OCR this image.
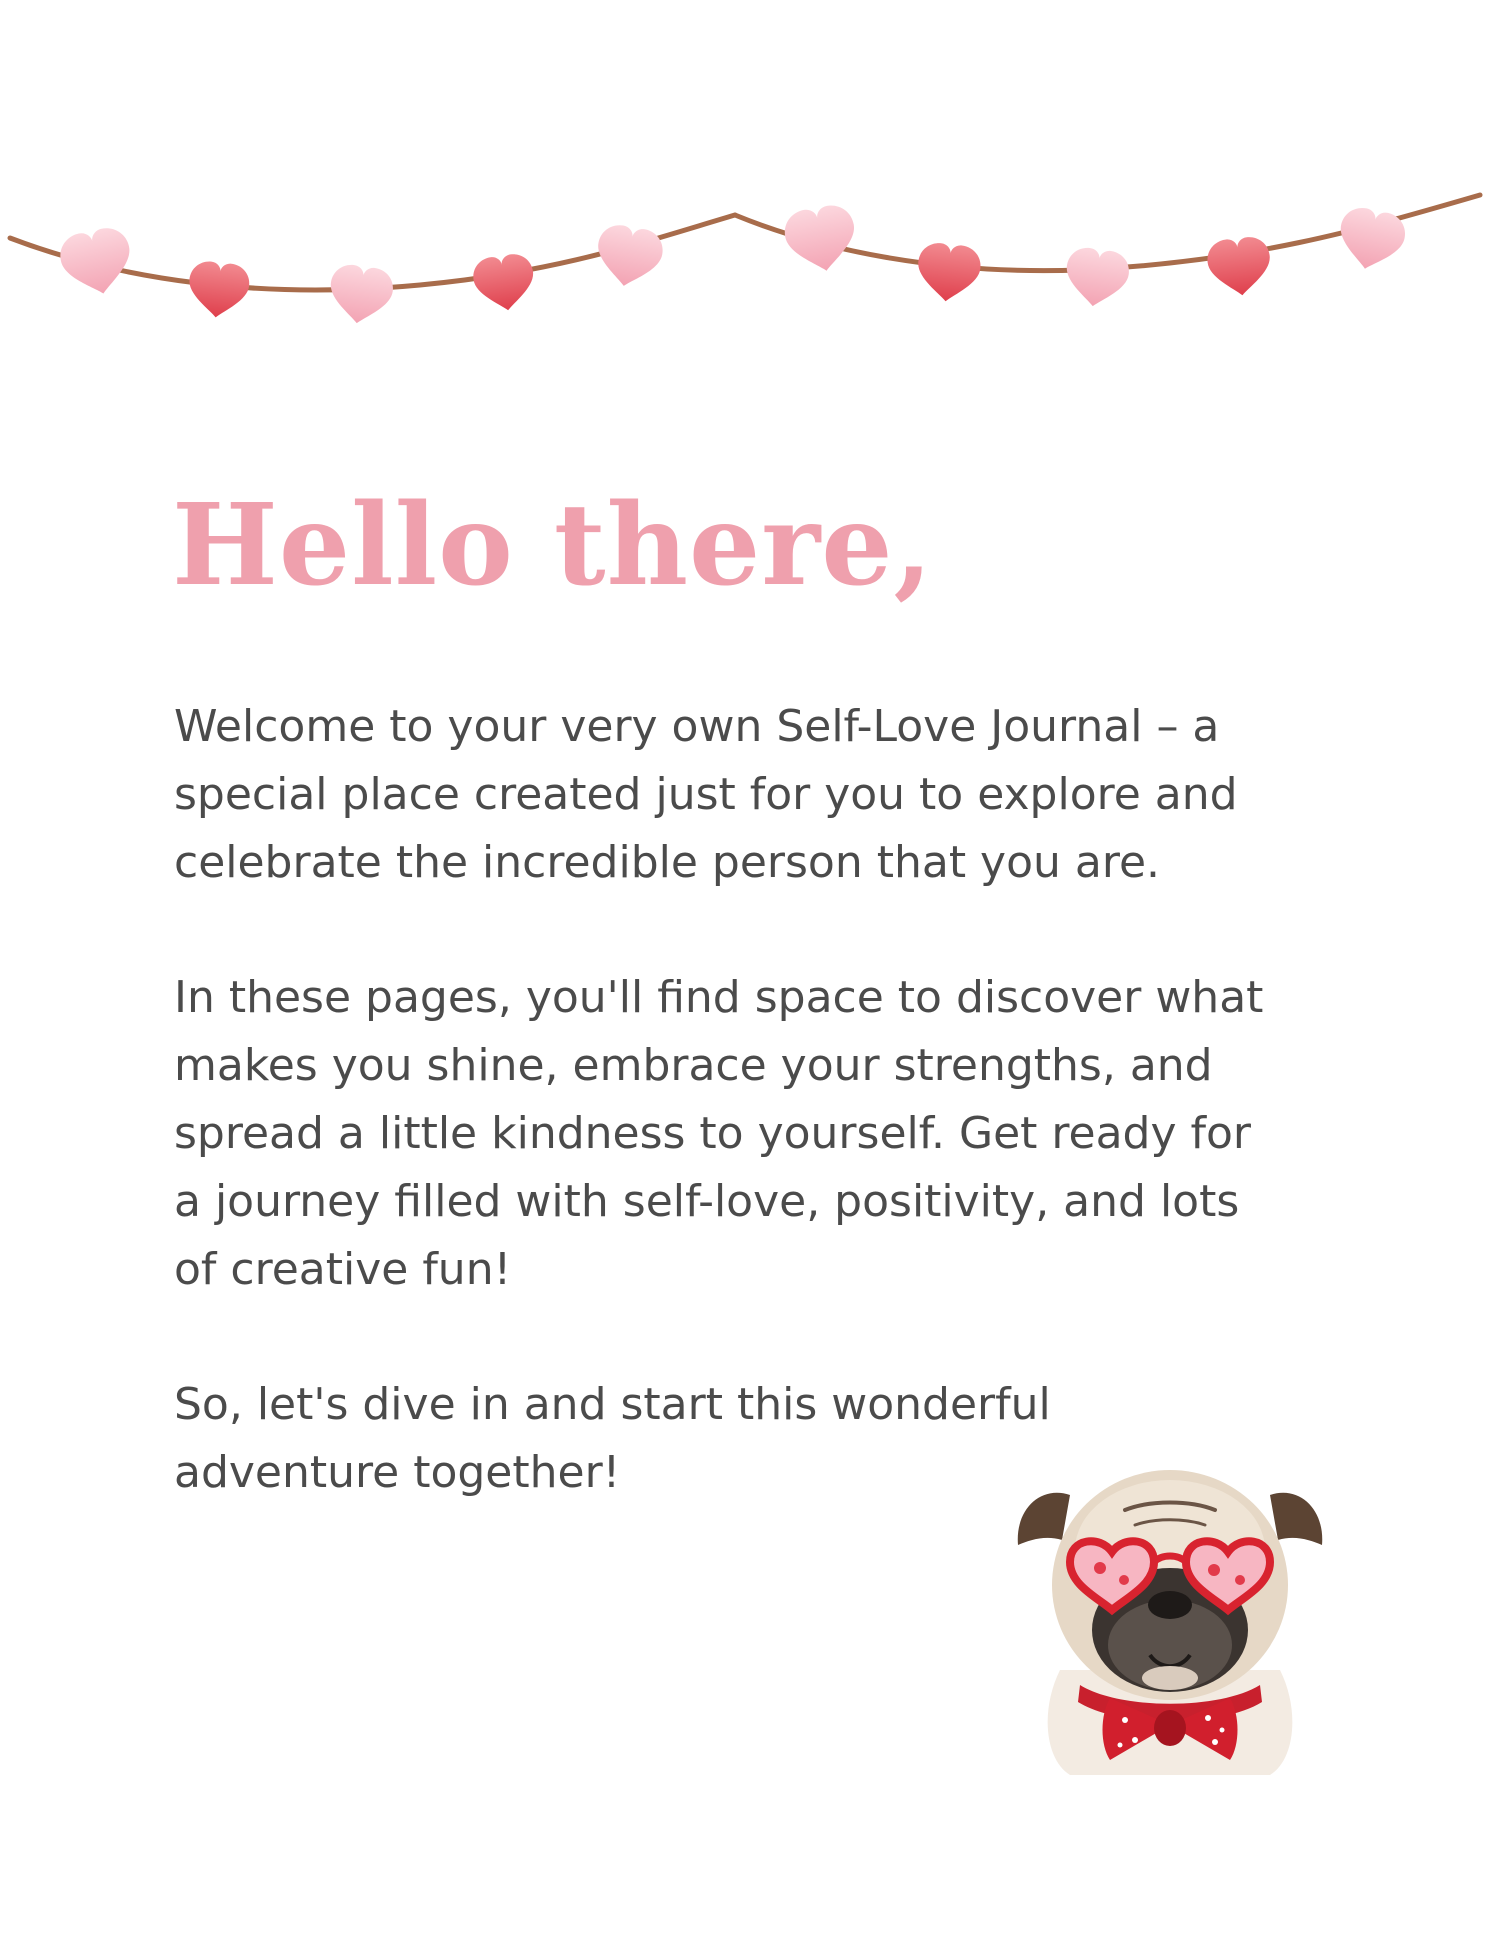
Hello there,
Welcome to your very own Self-Love Journal – a
special place created just for you to explore and
celebrate the incredible person that you are.
In these pages, you'll find space to discover what
makes you shine, embrace your strengths, and
spread a little kindness to yourself. Get ready for
a journey filled with self-love, positivity, and lots
of creative fun!
So, let's dive in and start this wonderful
adventure together!
